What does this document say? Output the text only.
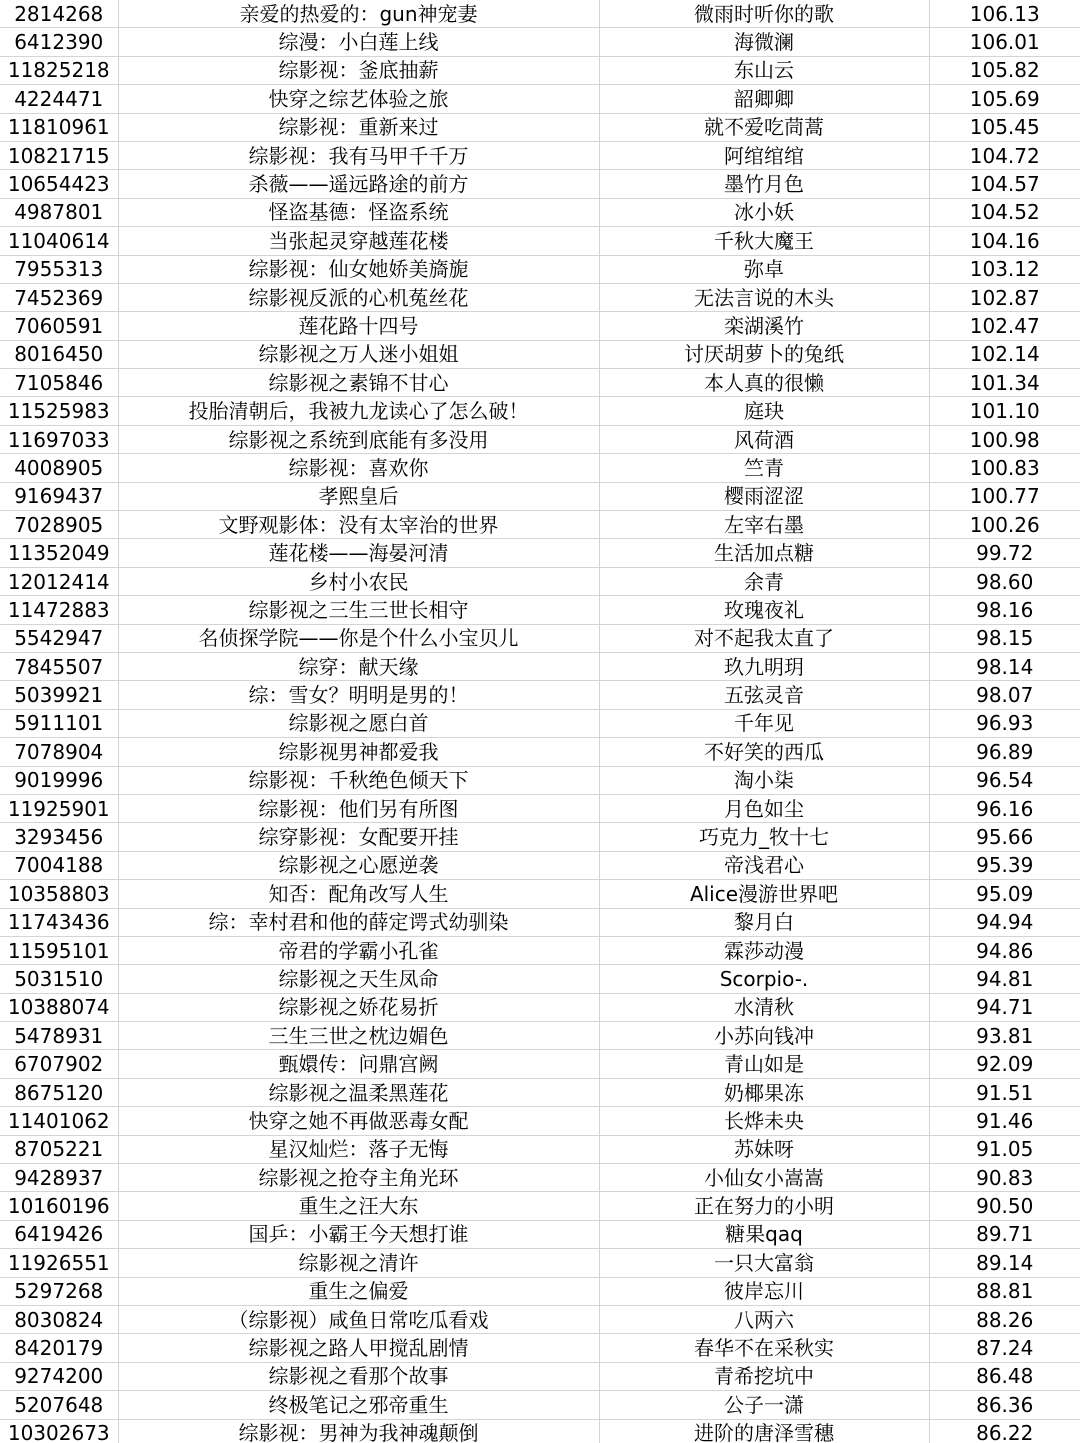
2814268	亲爱的热爱的：gun神宠妻	微雨时听你的歌	106.13
6412390	综漫：小白莲上线	海微澜	106.01
11825218	综影视：釜底抽薪	东山云	105.82
4224471	快穿之综艺体验之旅	韶卿卿	105.69
11810961	综影视：重新来过	就不爱吃茼蒿	105.45
10821715	综影视：我有马甲千千万	阿绾绾绾	104.72
10654423	杀薇——遥远路途的前方	墨竹月色	104.57
4987801	怪盗基德：怪盗系统	冰小妖	104.52
11040614	当张起灵穿越莲花楼	千秋大魔王	104.16
7955313	综影视：仙女她娇美旖旎	弥卓	103.12
7452369	综影视反派的心机菟丝花	无法言说的木头	102.87
7060591	莲花路十四号	栾湖溪竹	102.47
8016450	综影视之万人迷小姐姐	讨厌胡萝卜的兔纸	102.14
7105846	综影视之素锦不甘心	本人真的很懒	101.34
11525983	投胎清朝后，我被九龙读心了怎么破！	庭玦	101.10
11697033	综影视之系统到底能有多没用	风荷酒	100.98
4008905	综影视：喜欢你	竺青	100.83
9169437	孝熙皇后	樱雨涩涩	100.77
7028905	文野观影体：没有太宰治的世界	左宰右墨	100.26
11352049	莲花楼——海晏河清	生活加点糖	99.72
12012414	乡村小农民	余青	98.60
11472883	综影视之三生三世长相守	玫瑰夜礼	98.16
5542947	名侦探学院——你是个什么小宝贝儿	对不起我太直了	98.15
7845507	综穿：献天缘	玖九明玥	98.14
5039921	综：雪女？明明是男的！	五弦灵音	98.07
5911101	综影视之愿白首	千年见	96.93
7078904	综影视男神都爱我	不好笑的西瓜	96.89
9019996	综影视：千秋绝色倾天下	淘小柒	96.54
11925901	综影视：他们另有所图	月色如尘	96.16
3293456	综穿影视：女配要开挂	巧克力_牧十七	95.66
7004188	综影视之心愿逆袭	帝浅君心	95.39
10358803	知否：配角改写人生	Alice漫游世界吧	95.09
11743436	综：幸村君和他的薛定谔式幼驯染	黎月白	94.94
11595101	帝君的学霸小孔雀	霖莎动漫	94.86
5031510	综影视之天生凤命	Scorpio-.	94.81
10388074	综影视之娇花易折	水清秋	94.71
5478931	三生三世之枕边媚色	小苏向钱冲	93.81
6707902	甄嬛传：问鼎宫阙	青山如是	92.09
8675120	综影视之温柔黑莲花	奶椰果冻	91.51
11401062	快穿之她不再做恶毒女配	长烨未央	91.46
8705221	星汉灿烂：落子无悔	苏妹呀	91.05
9428937	综影视之抢夺主角光环	小仙女小嵩嵩	90.83
10160196	重生之汪大东	正在努力的小明	90.50
6419426	国乒：小霸王今天想打谁	糖果qaq	89.71
11926551	综影视之清许	一只大富翁	89.14
5297268	重生之偏爱	彼岸忘川	88.81
8030824	（综影视）咸鱼日常吃瓜看戏	八两六	88.26
8420179	综影视之路人甲搅乱剧情	春华不在采秋实	87.24
9274200	综影视之看那个故事	青希挖坑中	86.48
5207648	终极笔记之邪帝重生	公子一潇	86.36
10302673	综影视：男神为我神魂颠倒	进阶的唐泽雪穗	86.22
